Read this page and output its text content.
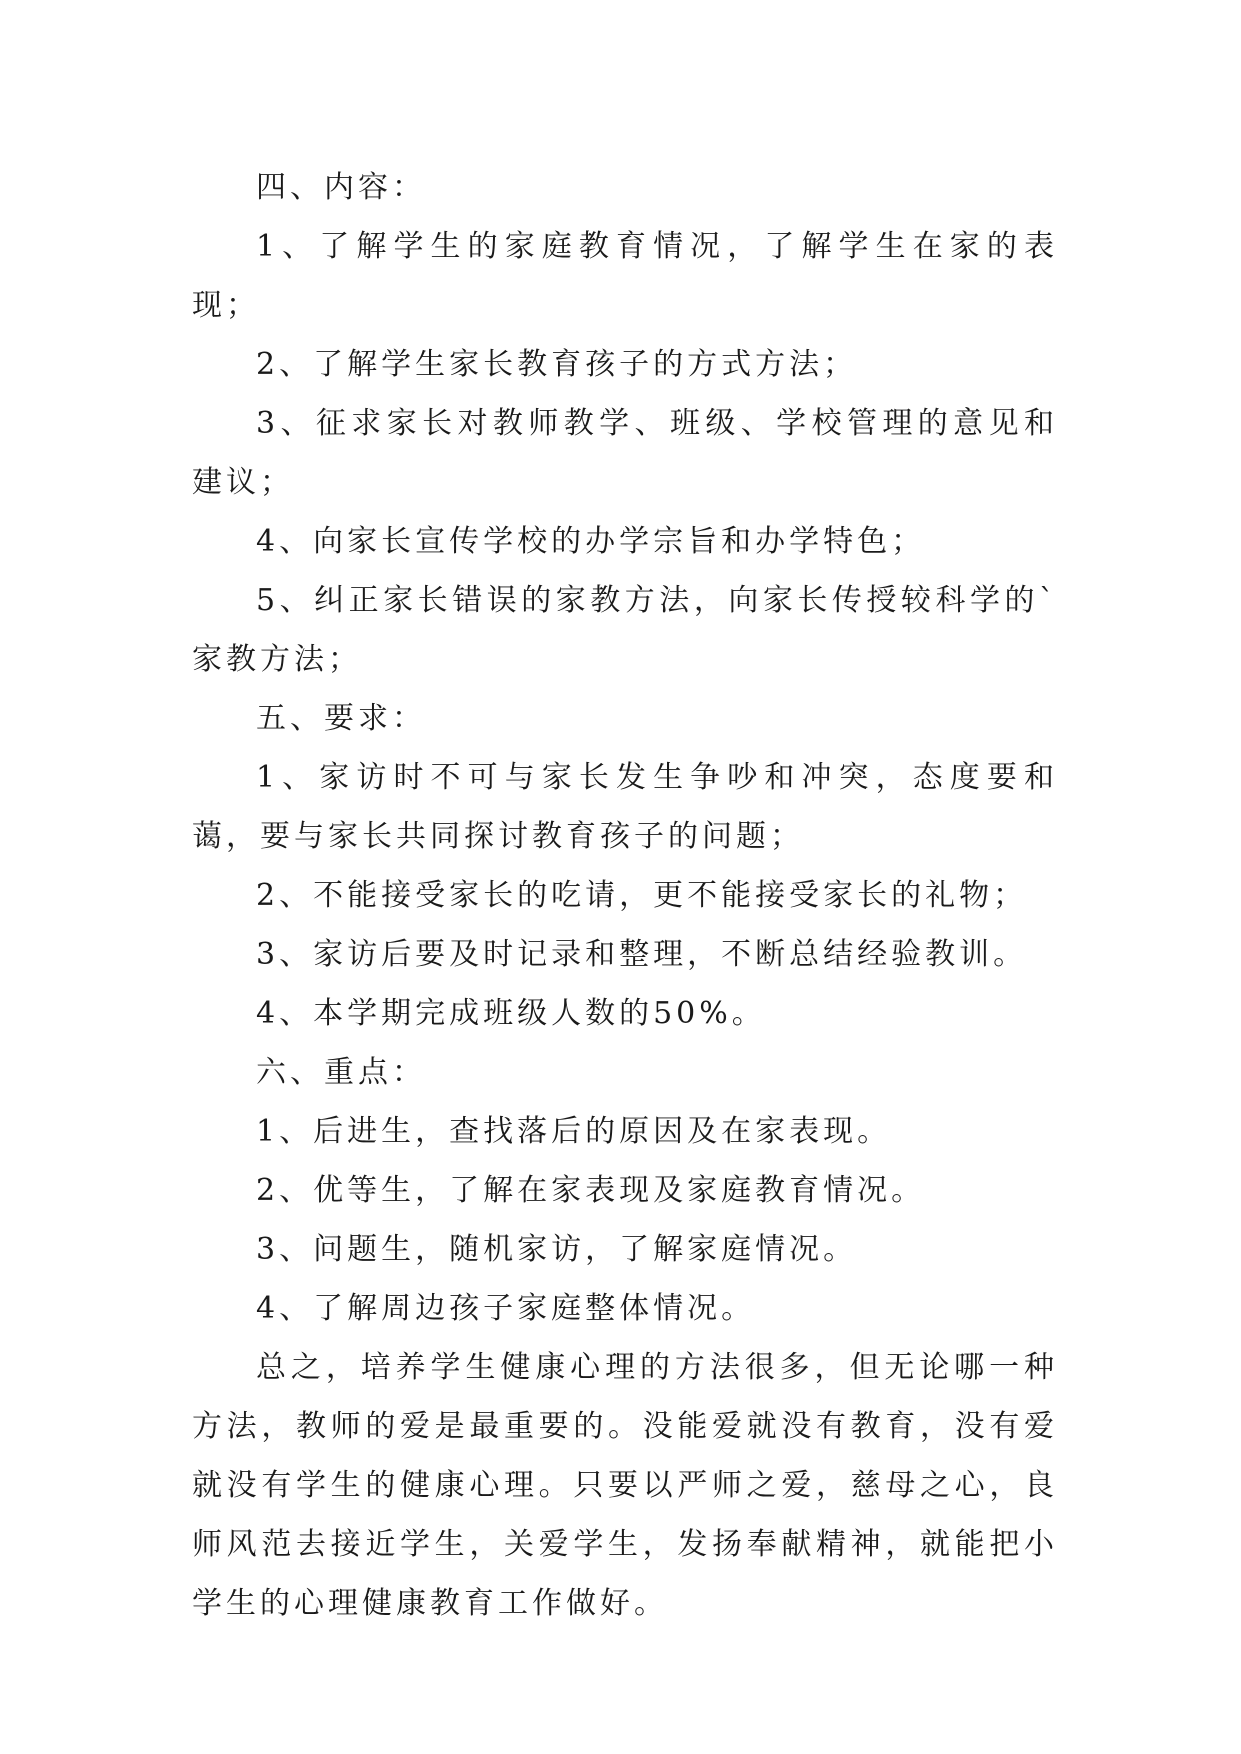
四、内容：

1、了解学生的家庭教育情况，了解学生在家的表现；

2、了解学生家长教育孩子的方式方法；

3、征求家长对教师教学、班级、学校管理的意见和建议；

4、向家长宣传学校的办学宗旨和办学特色；

5、纠正家长错误的家教方法，向家长传授较科学的`家教方法；

五、要求：

1、家访时不可与家长发生争吵和冲突，态度要和蔼，要与家长共同探讨教育孩子的问题；

2、不能接受家长的吃请，更不能接受家长的礼物；

3、家访后要及时记录和整理，不断总结经验教训。

4、本学期完成班级人数的50%。

六、重点：

1、后进生，查找落后的原因及在家表现。

2、优等生，了解在家表现及家庭教育情况。

3、问题生，随机家访，了解家庭情况。

4、了解周边孩子家庭整体情况。

总之，培养学生健康心理的方法很多，但无论哪一种方法，教师的爱是最重要的。没能爱就没有教育，没有爱就没有学生的健康心理。只要以严师之爱，慈母之心，良师风范去接近学生，关爱学生，发扬奉献精神，就能把小学生的心理健康教育工作做好。
